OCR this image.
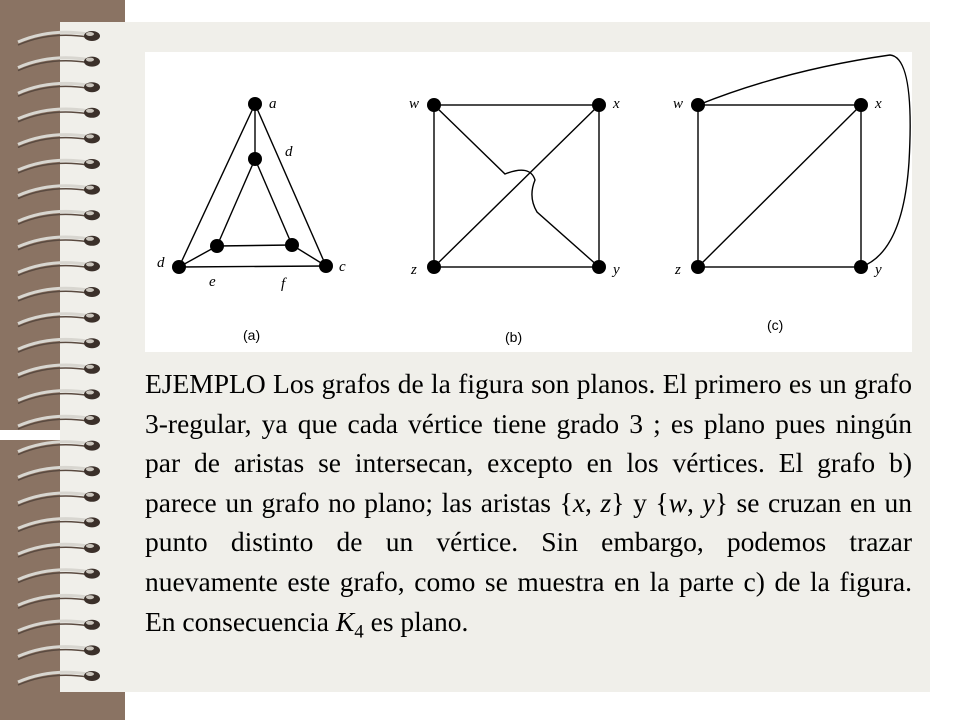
a
d
d
e	f
c
(a)
w	x
z	y
(b)
w	x
z	y
(c)
EJEMPLO Los grafos de la figura son planos. El primero es un grafo 3-regular, ya que cada vértice tiene grado 3 ; es plano pues ningún par de aristas se intersecan, excepto en los vértices. El grafo b) parece un grafo no plano; las aristas {x, z} y {w, y} se cruzan en un punto distinto de un vértice. Sin embargo, podemos trazar nuevamente este grafo, como se muestra en la parte c) de la figura. En consecuencia $K_4$ es plano.
